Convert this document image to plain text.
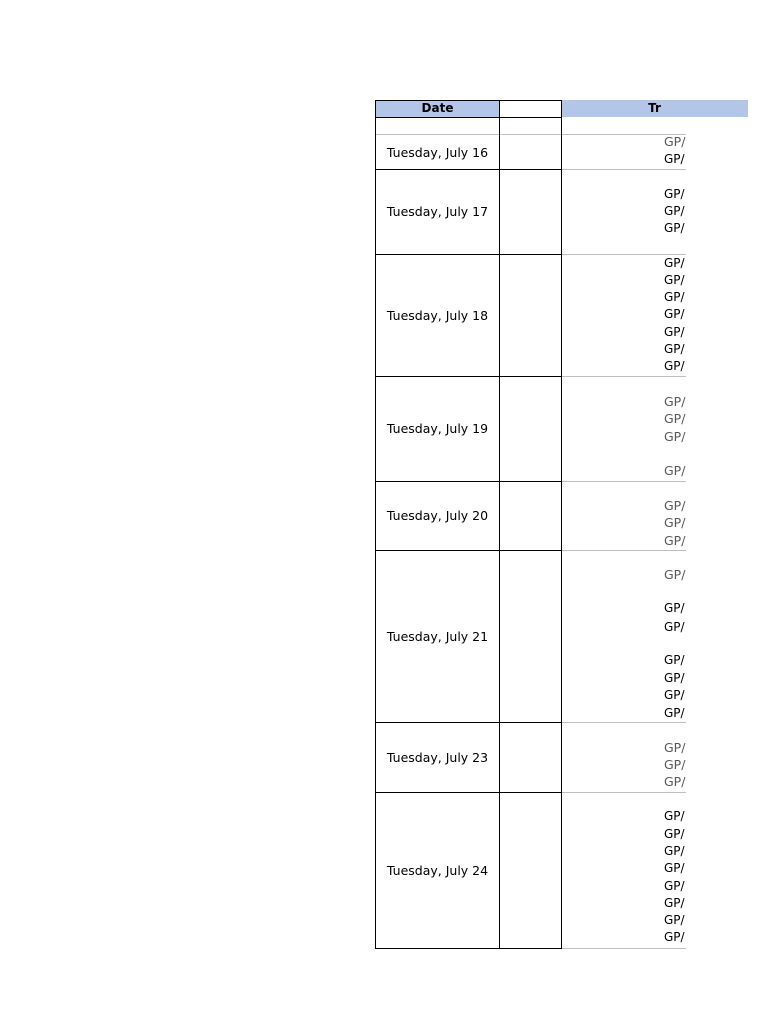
Date	Tr
Tuesday, July 16
GP/
GP/
Tuesday, July 17
GP/
GP/
GP/
Tuesday, July 18
GP/
GP/
GP/
GP/
GP/
GP/
GP/
Tuesday, July 19
GP/
GP/
GP/
GP/
Tuesday, July 20
GP/
GP/
GP/
Tuesday, July 21
GP/
GP/
GP/
GP/
GP/
GP/
GP/
Tuesday, July 23
GP/
GP/
GP/
Tuesday, July 24
GP/
GP/
GP/
GP/
GP/
GP/
GP/
GP/
